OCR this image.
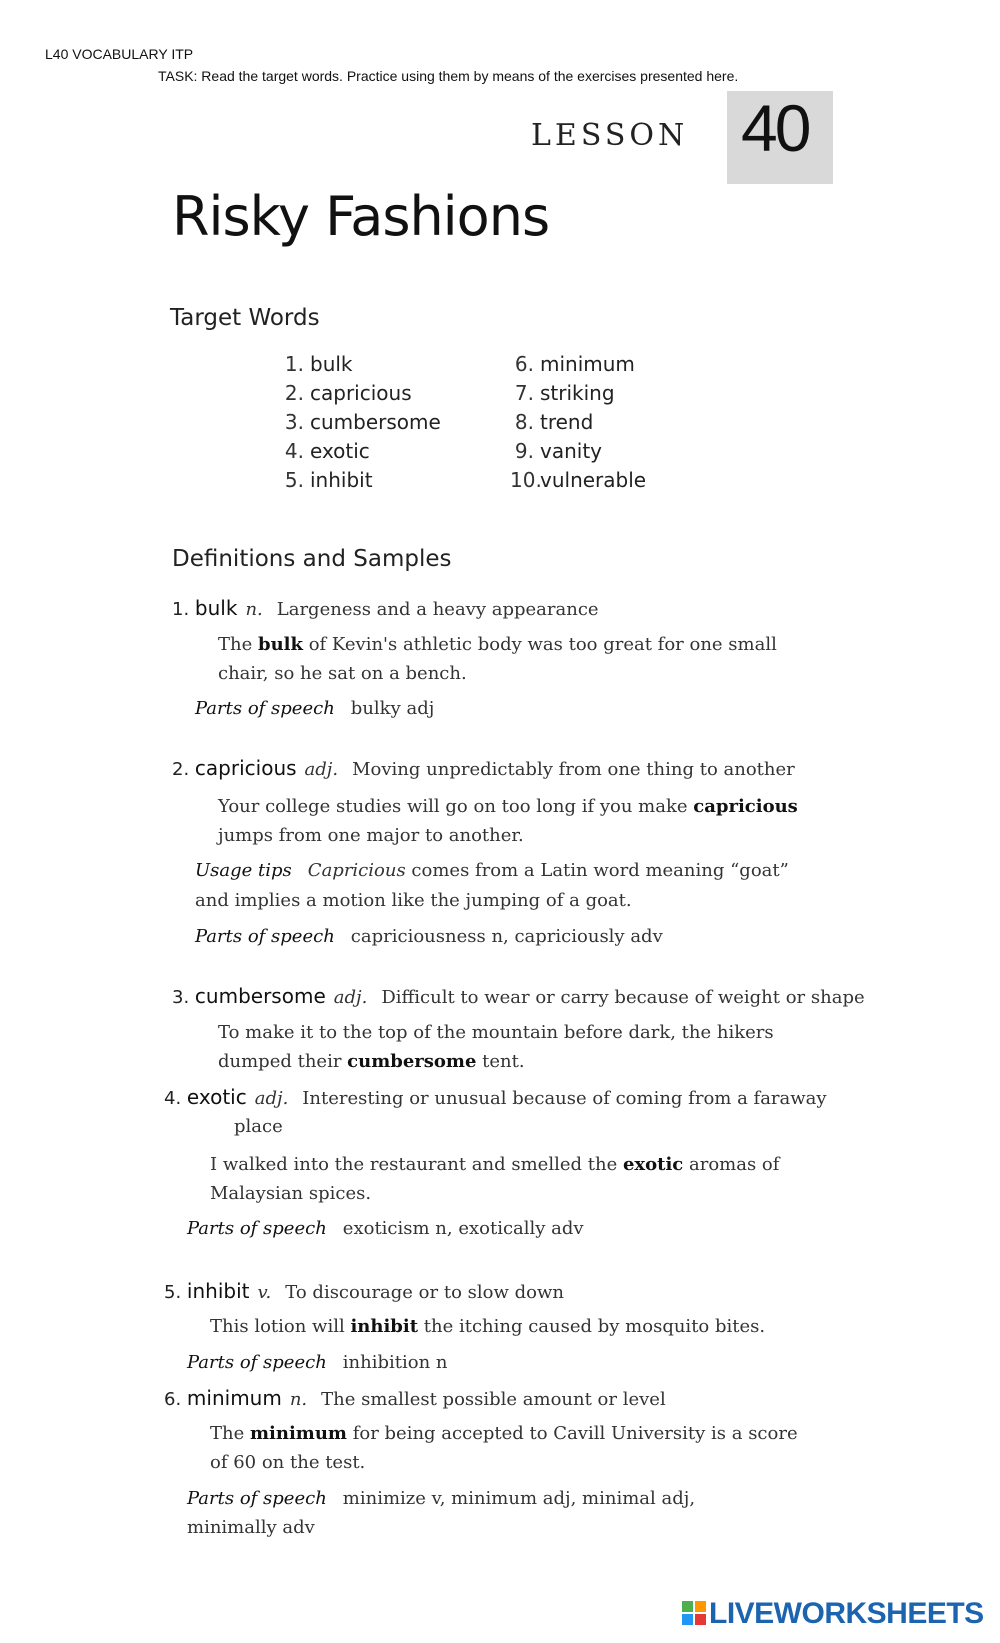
L40 VOCABULARY ITP
TASK: Read the target words. Practice using them by means of the exercises presented here.
LESSON 40
Risky Fashions
Target Words
1. bulk
2. capricious
3. cumbersome
4. exotic
5. inhibit
6. minimum
7. striking
8. trend
9. vanity
10.vulnerable
Definitions and Samples
1. bulk n. Largeness and a heavy appearance
The bulk of Kevin's athletic body was too great for one small chair, so he sat on a bench.
Parts of speech bulky adj
2. capricious adj. Moving unpredictably from one thing to another
Your college studies will go on too long if you make capricious jumps from one major to another.
Usage tips Capricious comes from a Latin word meaning “goat” and implies a motion like the jumping of a goat.
Parts of speech capriciousness n, capriciously adv
3. cumbersome adj. Difficult to wear or carry because of weight or shape
To make it to the top of the mountain before dark, the hikers dumped their cumbersome tent.
4. exotic adj. Interesting or unusual because of coming from a faraway
place
I walked into the restaurant and smelled the exotic aromas of Malaysian spices.
Parts of speech exoticism n, exotically adv
5. inhibit v. To discourage or to slow down
This lotion will inhibit the itching caused by mosquito bites.
Parts of speech inhibition n
6. minimum n. The smallest possible amount or level
The minimum for being accepted to Cavill University is a score of 60 on the test.
Parts of speech minimize v, minimum adj, minimal adj,
minimally adv
LIVEWORKSHEETS
